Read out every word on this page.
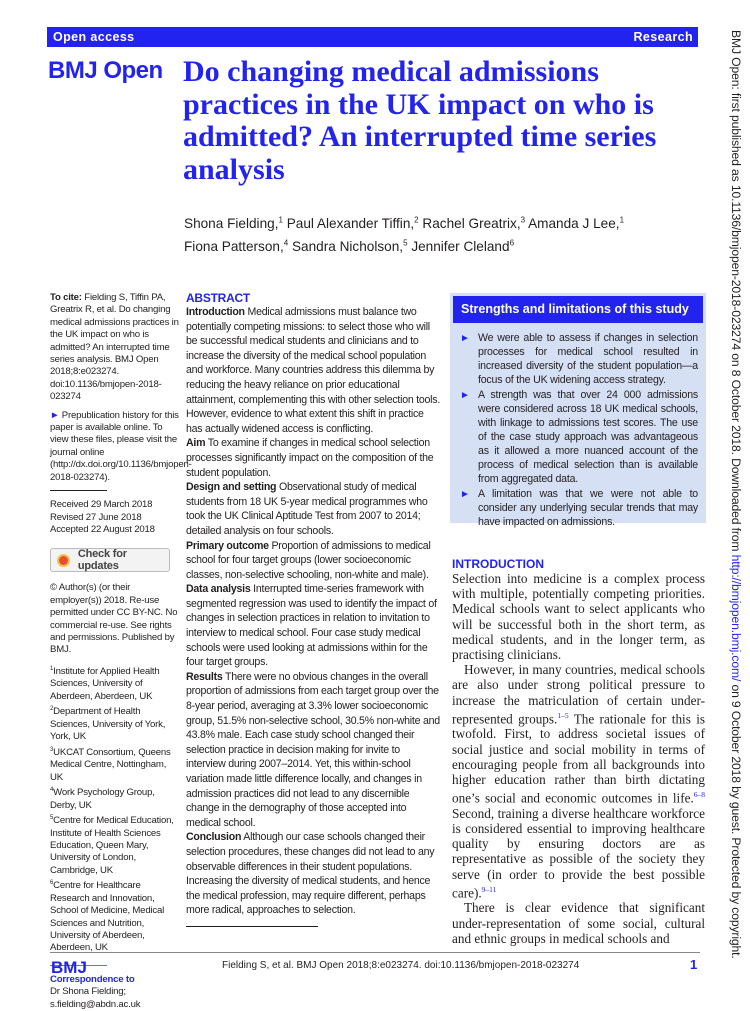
Open access	Research
BMJ Open Do changing medical admissions practices in the UK impact on who is admitted? An interrupted time series analysis
Shona Fielding,$^1$ Paul Alexander Tiffin,$^2$ Rachel Greatrix,$^3$ Amanda J Lee,$^1$
Fiona Patterson,$^4$ Sandra Nicholson,$^5$ Jennifer Cleland$^6$

To cite: Fielding S, Tiffin PA, Greatrix R, et al. Do changing medical admissions practices in the UK impact on who is admitted? An interrupted time series analysis. BMJ Open 2018;8:e023274. doi:10.1136/bmjopen-2018-023274

► Prepublication history for this paper is available online. To view these files, please visit the journal online (http://dx.doi.org/10.1136/bmjopen-2018-023274).

Received 29 March 2018
Revised 27 June 2018
Accepted 22 August 2018
Check for updates

© Author(s) (or their employer(s)) 2018. Re-use permitted under CC BY-NC. No commercial re-use. See rights and permissions. Published by BMJ.

$^1$Institute for Applied Health Sciences, University of Aberdeen, Aberdeen, UK
$^2$Department of Health Sciences, University of York, York, UK
$^3$UKCAT Consortium, Queens Medical Centre, Nottingham, UK
$^4$Work Psychology Group, Derby, UK
$^5$Centre for Medical Education, Institute of Health Sciences Education, Queen Mary, University of London, Cambridge, UK
$^6$Centre for Healthcare Research and Innovation, School of Medicine, Medical Sciences and Nutrition, University of Aberdeen, Aberdeen, UK
Correspondence to
Dr Shona Fielding;
s.fielding@abdn.ac.uk
ABSTRACT
Introduction Medical admissions must balance two potentially competing missions: to select those who will be successful medical students and clinicians and to increase the diversity of the medical school population and workforce. Many countries address this dilemma by reducing the heavy reliance on prior educational attainment, complementing this with other selection tools. However, evidence to what extent this shift in practice has actually widened access is conflicting.
Aim To examine if changes in medical school selection processes significantly impact on the composition of the student population.
Design and setting Observational study of medical students from 18 UK 5-year medical programmes who took the UK Clinical Aptitude Test from 2007 to 2014; detailed analysis on four schools.
Primary outcome Proportion of admissions to medical school for four target groups (lower socioeconomic classes, non-selective schooling, non-white and male).
Data analysis Interrupted time-series framework with segmented regression was used to identify the impact of changes in selection practices in relation to invitation to interview to medical school. Four case study medical schools were used looking at admissions within for the four target groups.
Results There were no obvious changes in the overall proportion of admissions from each target group over the 8-year period, averaging at 3.3% lower socioeconomic group, 51.5% non-selective school, 30.5% non-white and 43.8% male. Each case study school changed their selection practice in decision making for invite to interview during 2007–2014. Yet, this within-school variation made little difference locally, and changes in admission practices did not lead to any discernible change in the demography of those accepted into medical school.
Conclusion Although our case schools changed their selection procedures, these changes did not lead to any observable differences in their student populations. Increasing the diversity of medical students, and hence the medical profession, may require different, perhaps more radical, approaches to selection.
Strengths and limitations of this study
► We were able to assess if changes in selection processes for medical school resulted in increased diversity of the student population—a focus of the UK widening access strategy.
► A strength was that over 24 000 admissions were considered across 18 UK medical schools, with linkage to admissions test scores. The use of the case study approach was advantageous as it allowed a more nuanced account of the process of medical selection than is available from aggregated data.
► A limitation was that we were not able to consider any underlying secular trends that may have impacted on admissions.
INTRODUCTION

Selection into medicine is a complex process with multiple, potentially competing priorities. Medical schools want to select applicants who will be successful both in the short term, as medical students, and in the longer term, as practising clinicians.

However, in many countries, medical schools are also under strong political pressure to increase the matriculation of certain under-represented groups.$^{1-5}$ The rationale for this is twofold. First, to address societal issues of social justice and social mobility in terms of encouraging people from all backgrounds into higher education rather than birth dictating one’s social and economic outcomes in life.$^{6-8}$ Second, training a diverse healthcare workforce is considered essential to improving healthcare quality by ensuring doctors are as representative as possible of the society they serve (in order to provide the best possible care).$^{9-11}$

There is clear evidence that significant under-representation of some social, cultural and ethnic groups in medical schools and

BMJ	Fielding S, et al. BMJ Open 2018;8:e023274. doi:10.1136/bmjopen-2018-023274	1
BMJ Open: first published as 10.1136/bmjopen-2018-023274 on 8 October 2018. Downloaded from http://bmjopen.bmj.com/ on 9 October 2018 by guest. Protected by copyright.
